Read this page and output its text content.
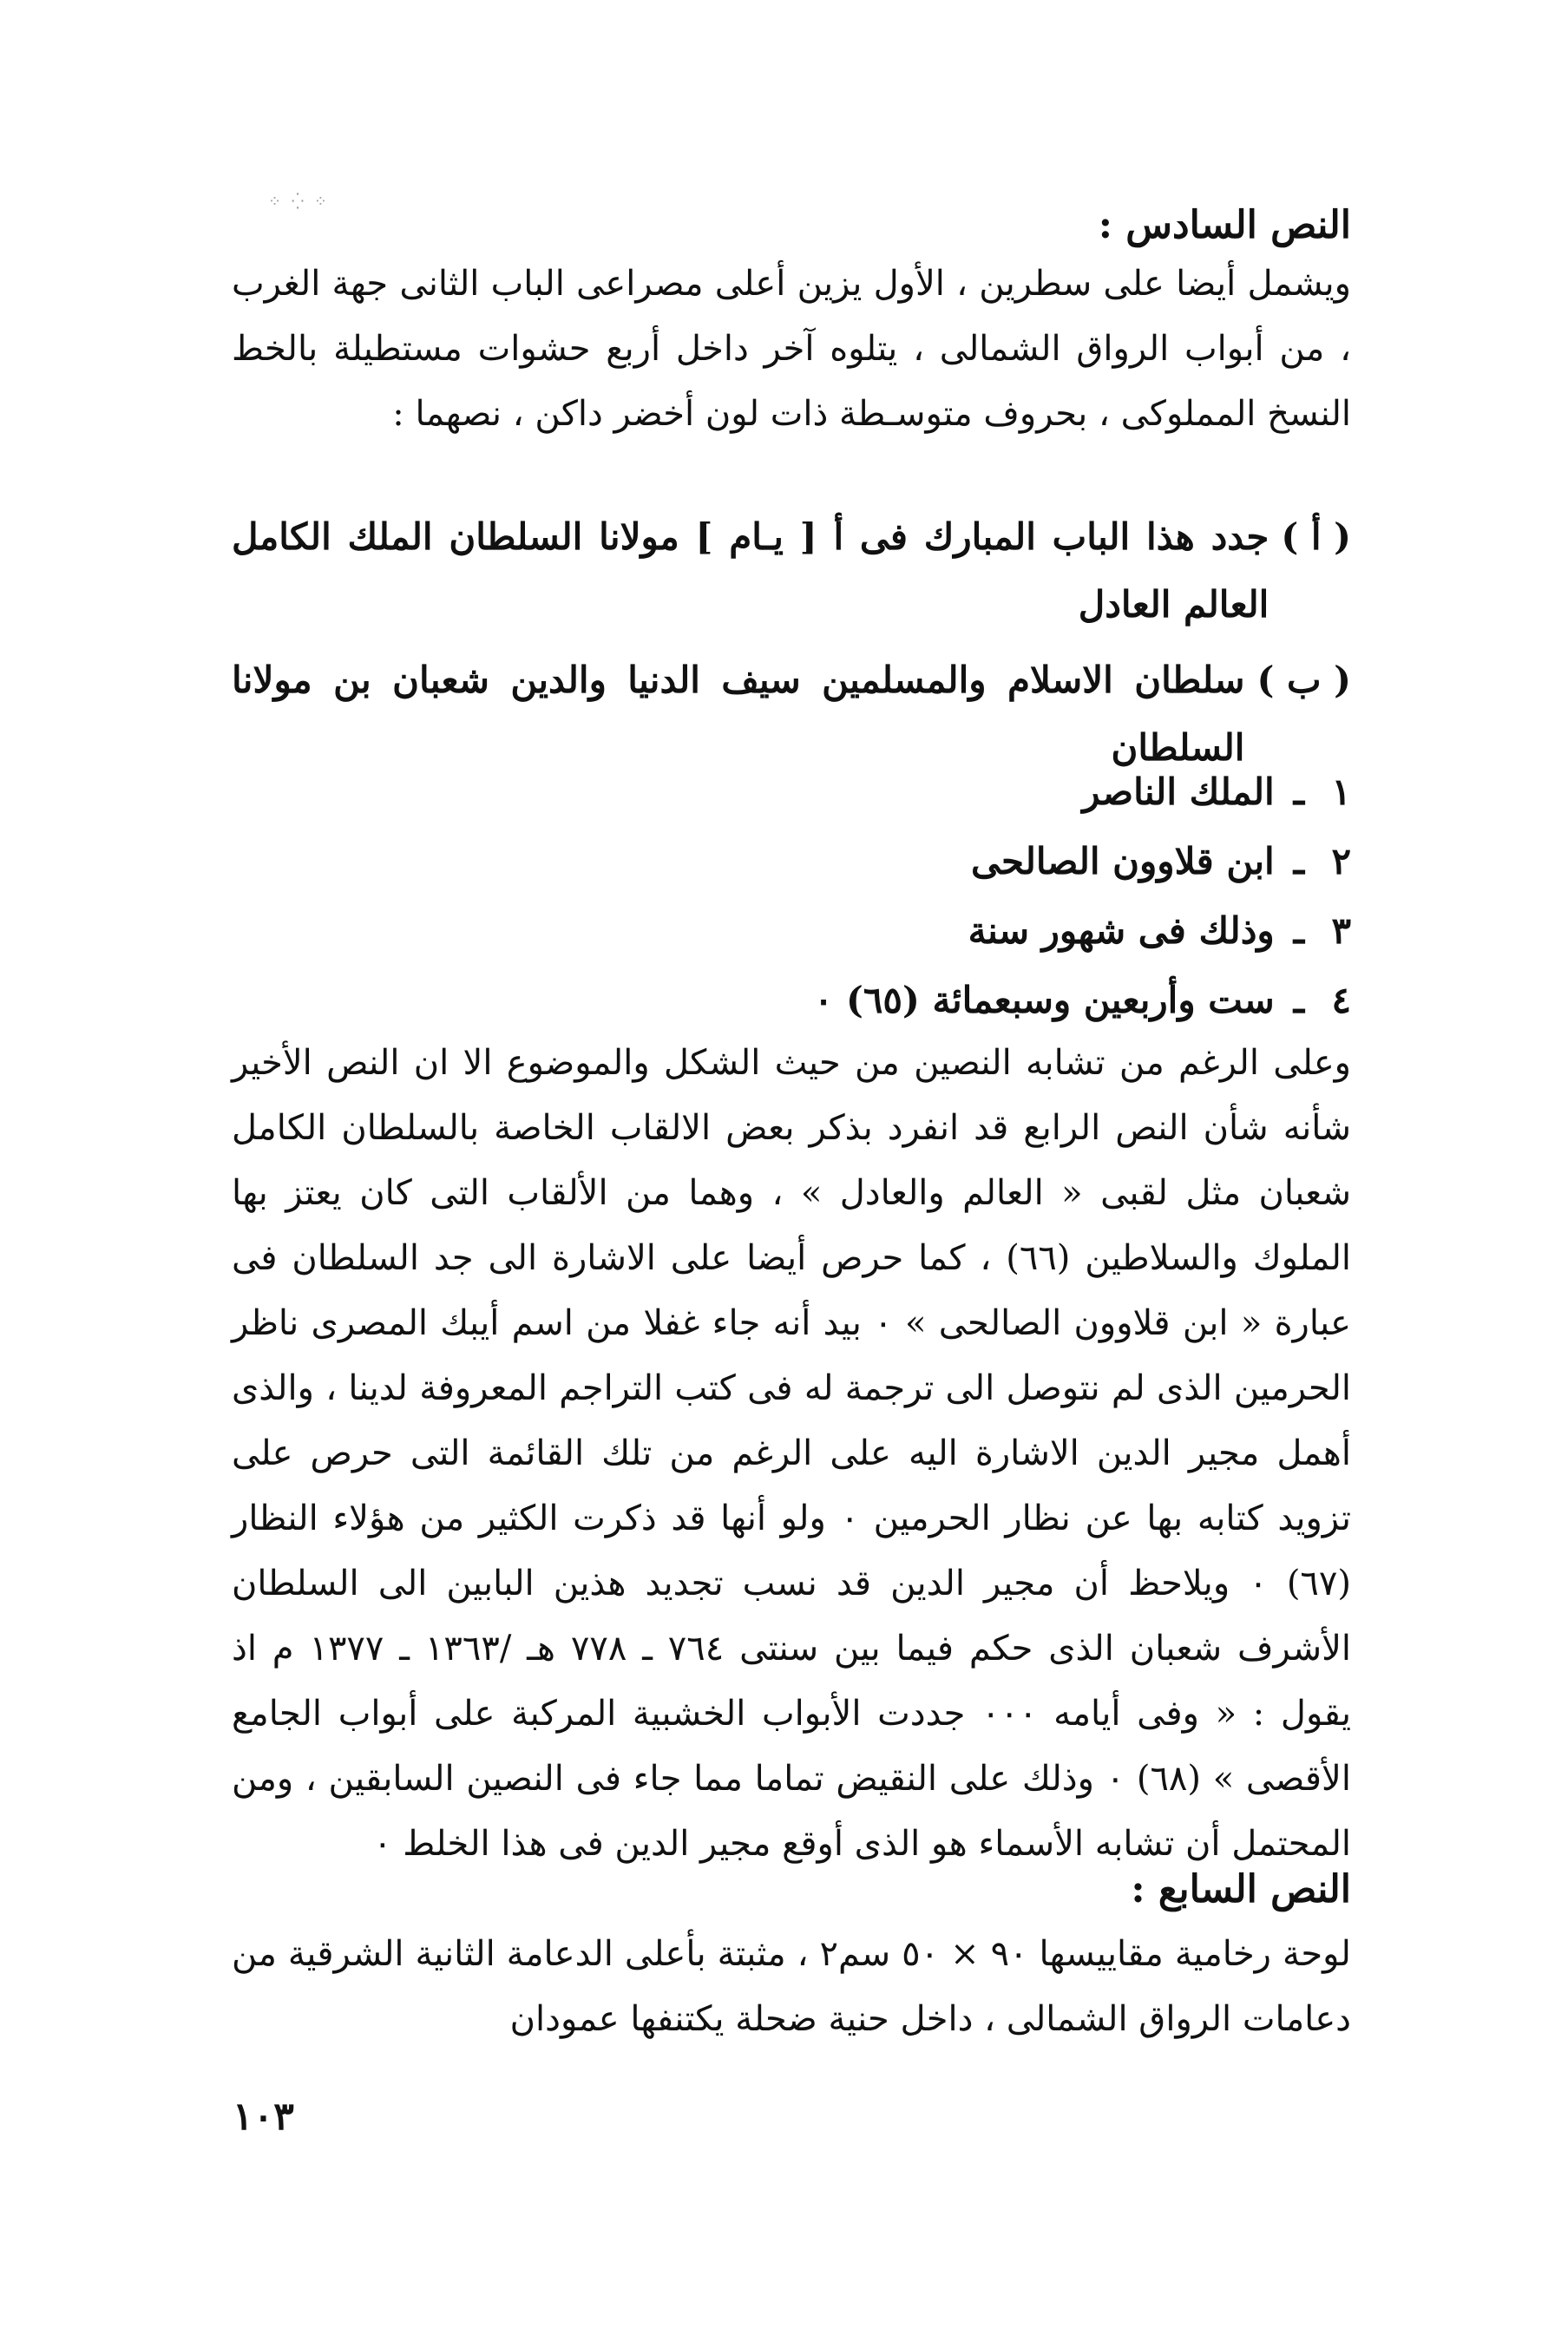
⁘ ⁛ ⁘
النص السادس :
ويشمل أيضا على سطرين ، الأول يزين أعلى مصراعى الباب الثانى جهة الغرب ، من أبواب الرواق الشمالى ، يتلوه آخر داخل أربع حشوات مستطيلة بالخط النسخ المملوكى ، بحروف متوسـطة ذات لون أخضر داكن ، نصهما :
( أ )
جدد هذا الباب المبارك فى أ [ يـام ] مولانا السلطان الملك الكامل العالم العادل
( ب )
سلطان الاسلام والمسلمين سيف الدنيا والدين شعبان بن مولانا السلطان
١ـالملك الناصر
٢ـابن قلاوون الصالحى
٣ـوذلك فى شهور سنة
٤ـست وأربعين وسبعمائة (٦٥) ٠
وعلى الرغم من تشابه النصين من حيث الشكل والموضوع الا ان النص الأخير شأنه شأن النص الرابع قد انفرد بذكر بعض الالقاب الخاصة بالسلطان الكامل شعبان مثل لقبى « العالم والعادل » ، وهما من الألقاب التى كان يعتز بها الملوك والسلاطين (٦٦) ، كما حرص أيضا على الاشارة الى جد السلطان فى عبارة « ابن قلاوون الصالحى » ٠ بيد أنه جاء غفلا من اسم أيبك المصرى ناظر الحرمين الذى لم نتوصل الى ترجمة له فى كتب التراجم المعروفة لدينا ، والذى أهمل مجير الدين الاشارة اليه على الرغم من تلك القائمة التى حرص على تزويد كتابه بها عن نظار الحرمين ٠ ولو أنها قد ذكرت الكثير من هؤلاء النظار (٦٧) ٠ ويلاحظ أن مجير الدين قد نسب تجديد هذين البابين الى السلطان الأشرف شعبان الذى حكم فيما بين سنتى ٧٦٤ ـ ٧٧٨ هـ /١٣٦٣ ـ ١٣٧٧ م اذ يقول : « وفى أيامه ٠٠٠ جددت الأبواب الخشبية المركبة على أبواب الجامع الأقصى » (٦٨) ٠ وذلك على النقيض تماما مما جاء فى النصين السابقين ، ومن المحتمل أن تشابه الأسماء هو الذى أوقع مجير الدين فى هذا الخلط ٠
النص السابع :
لوحة رخامية مقاييسها ٩٠ × ٥٠ سم٢ ، مثبتة بأعلى الدعامة الثانية الشرقية من دعامات الرواق الشمالى ، داخل حنية ضحلة يكتنفها عمودان
١٠٣
